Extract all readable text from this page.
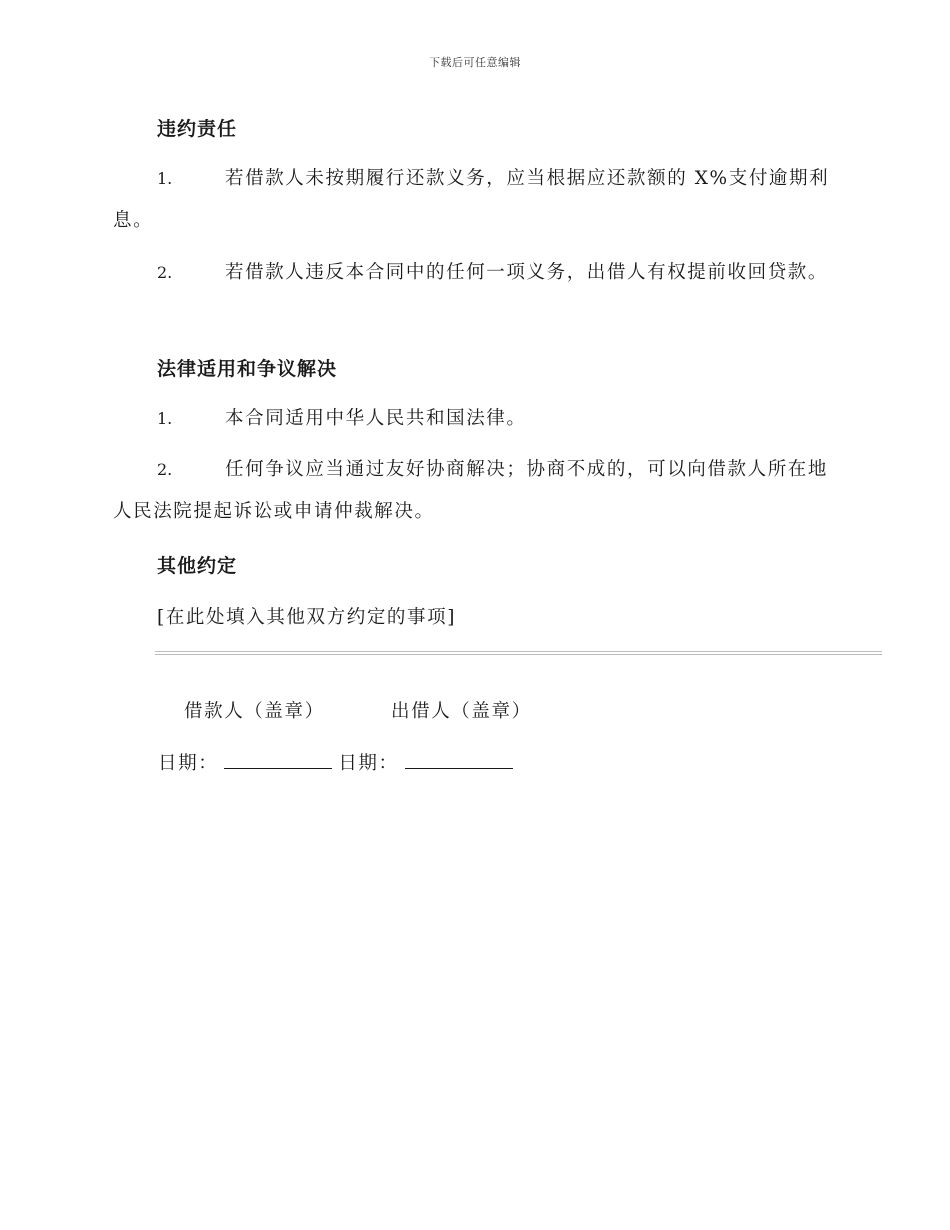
下载后可任意编辑
违约责任
1.	若借款人未按期履行还款义务，应当根据应还款额的 X%支付逾期利息。
2.	若借款人违反本合同中的任何一项义务，出借人有权提前收回贷款。
法律适用和争议解决
1.	本合同适用中华人民共和国法律。
2.	任何争议应当通过友好协商解决；协商不成的，可以向借款人所在地人民法院提起诉讼或申请仲裁解决。
其他约定
[在此处填入其他双方约定的事项]
借款人（盖章）	出借人（盖章）
日期：	日期：
